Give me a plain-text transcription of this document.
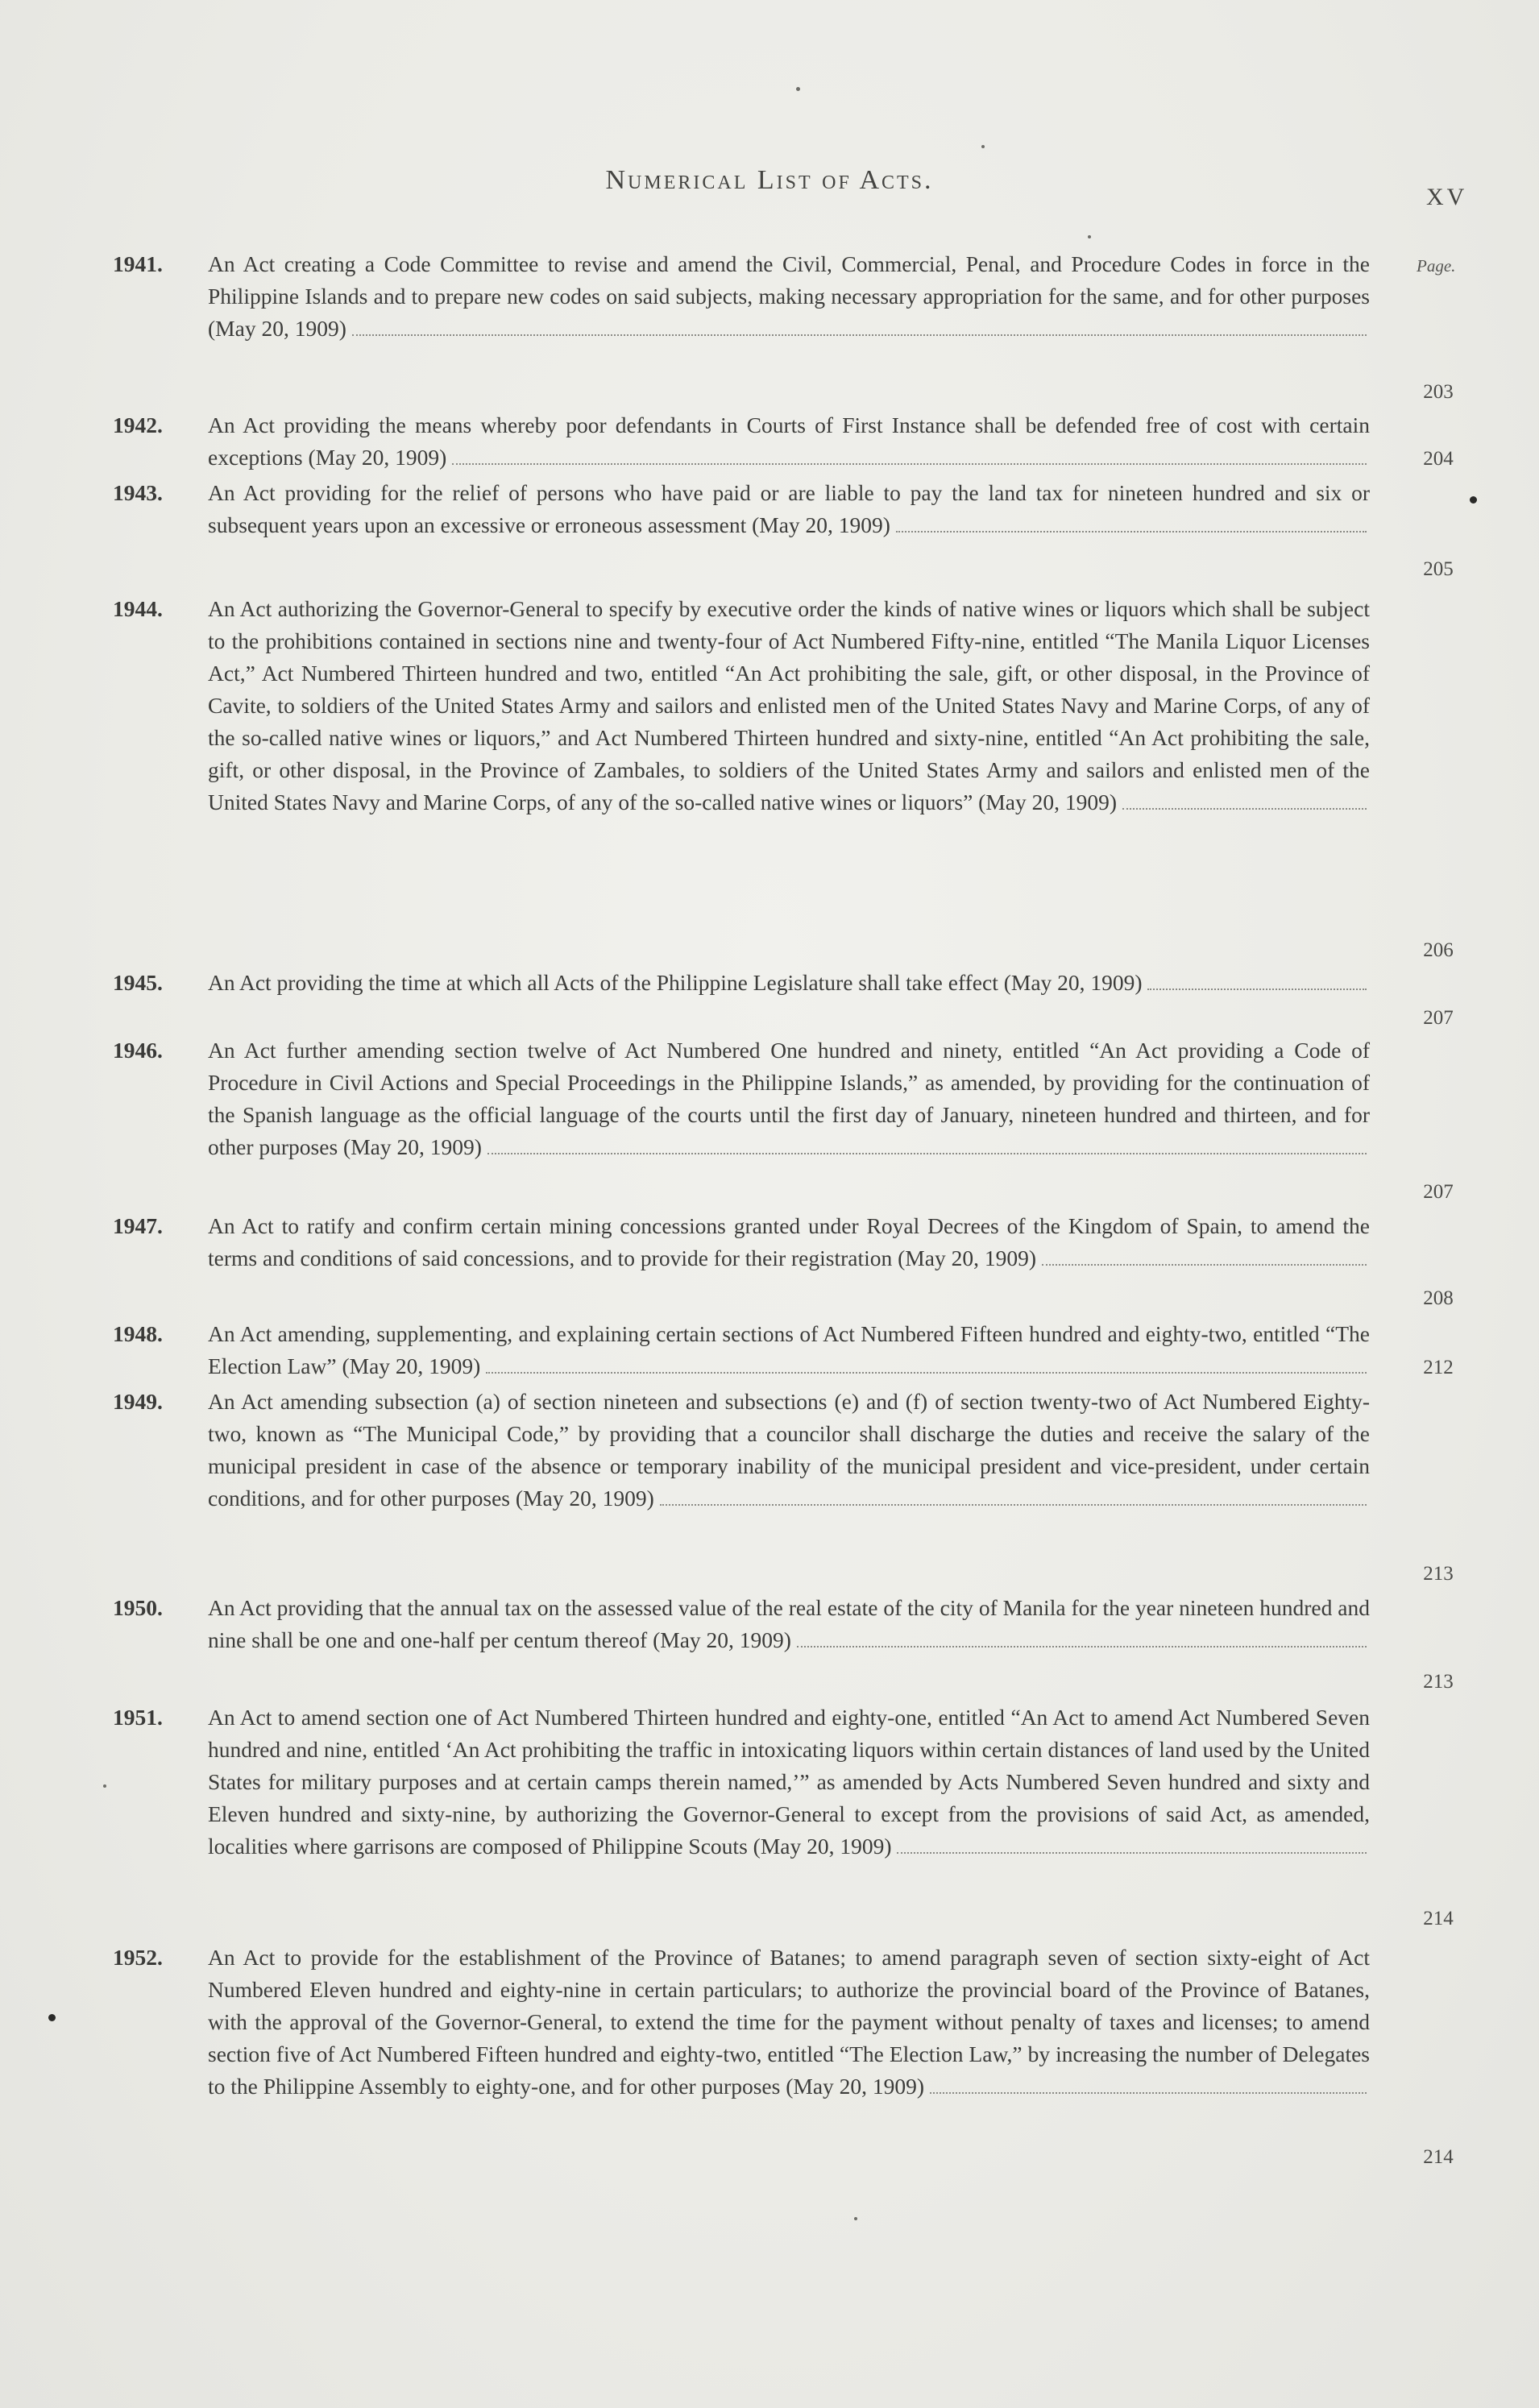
Numerical List of Acts.
XV
Page.
1941.	An Act creating a Code Committee to revise and amend the Civil, Commercial, Penal, and Procedure Codes in force in the Philippine Islands and to prepare new codes on said subjects, making necessary appropriation for the same, and for other purposes (May 20, 1909)
203
1942.	An Act providing the means whereby poor defendants in Courts of First Instance shall be defended free of cost with certain exceptions (May 20, 1909)	204
1943.	An Act providing for the relief of persons who have paid or are liable to pay the land tax for nineteen hundred and six or subsequent years upon an excessive or erroneous assessment (May 20, 1909)
205
1944.	An Act authorizing the Governor-General to specify by executive order the kinds of native wines or liquors which shall be subject to the prohibitions contained in sections nine and twenty-four of Act Numbered Fifty-nine, entitled “The Manila Liquor Licenses Act,” Act Numbered Thirteen hundred and two, entitled “An Act prohibiting the sale, gift, or other disposal, in the Province of Cavite, to soldiers of the United States Army and sailors and enlisted men of the United States Navy and Marine Corps, of any of the so-called native wines or liquors,” and Act Numbered Thirteen hundred and sixty-nine, entitled “An Act prohibiting the sale, gift, or other disposal, in the Province of Zambales, to soldiers of the United States Army and sailors and enlisted men of the United States Navy and Marine Corps, of any of the so-called native wines or liquors” (May 20, 1909)
206
1945.	An Act providing the time at which all Acts of the Philippine Legislature shall take effect (May 20, 1909)
207
1946.	An Act further amending section twelve of Act Numbered One hundred and ninety, entitled “An Act providing a Code of Procedure in Civil Actions and Special Proceedings in the Philippine Islands,” as amended, by providing for the continuation of the Spanish language as the official language of the courts until the first day of January, nineteen hundred and thirteen, and for other purposes (May 20, 1909)
207
1947.	An Act to ratify and confirm certain mining concessions granted under Royal Decrees of the Kingdom of Spain, to amend the terms and conditions of said concessions, and to provide for their registration (May 20, 1909)
208
1948.	An Act amending, supplementing, and explaining certain sections of Act Numbered Fifteen hundred and eighty-two, entitled “The Election Law” (May 20, 1909)	212
1949.	An Act amending subsection (a) of section nineteen and subsections (e) and (f) of section twenty-two of Act Numbered Eighty-two, known as “The Municipal Code,” by providing that a councilor shall discharge the duties and receive the salary of the municipal president in case of the absence or temporary inability of the municipal president and vice-president, under certain conditions, and for other purposes (May 20, 1909)
213
1950.	An Act providing that the annual tax on the assessed value of the real estate of the city of Manila for the year nineteen hundred and nine shall be one and one-half per centum thereof (May 20, 1909)
213
1951.	An Act to amend section one of Act Numbered Thirteen hundred and eighty-one, entitled “An Act to amend Act Numbered Seven hundred and nine, entitled ‘An Act prohibiting the traffic in intoxicating liquors within certain distances of land used by the United States for military purposes and at certain camps therein named,’” as amended by Acts Numbered Seven hundred and sixty and Eleven hundred and sixty-nine, by authorizing the Governor-General to except from the provisions of said Act, as amended, localities where garrisons are composed of Philippine Scouts (May 20, 1909)
214
1952.	An Act to provide for the establishment of the Province of Batanes; to amend paragraph seven of section sixty-eight of Act Numbered Eleven hundred and eighty-nine in certain particulars; to authorize the provincial board of the Province of Batanes, with the approval of the Governor-General, to extend the time for the payment without penalty of taxes and licenses; to amend section five of Act Numbered Fifteen hundred and eighty-two, entitled “The Election Law,” by increasing the number of Delegates to the Philippine Assembly to eighty-one, and for other purposes (May 20, 1909)
214
